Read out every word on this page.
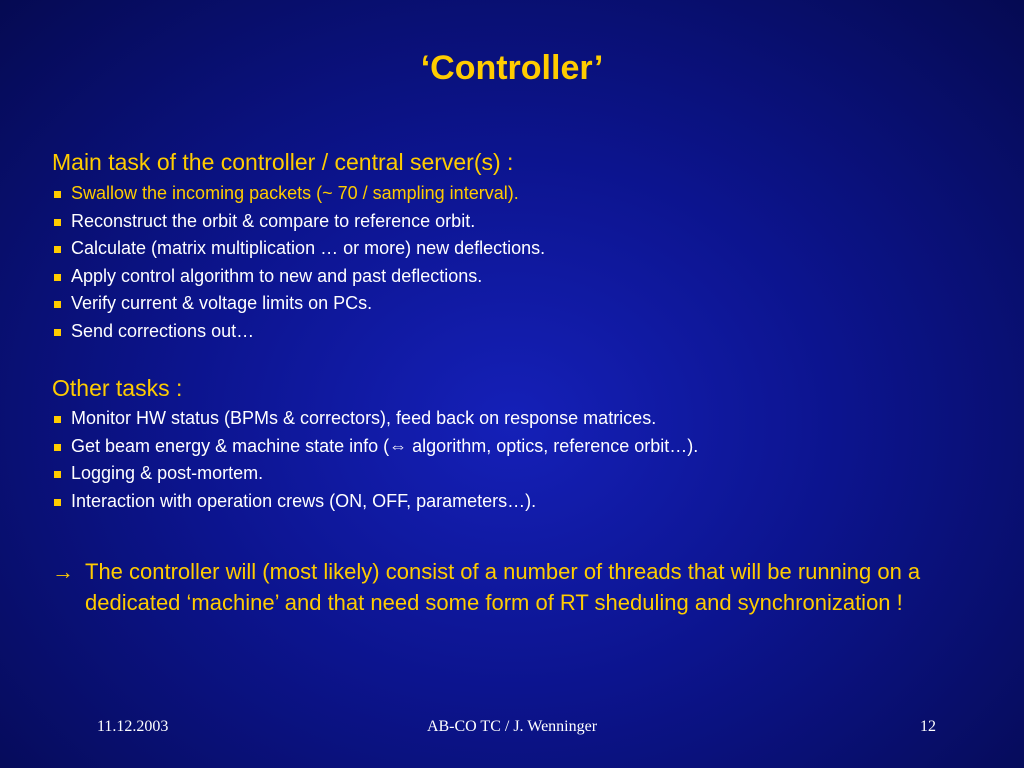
‘Controller’
Main task of the controller / central server(s) :
Swallow the incoming packets (~ 70 / sampling interval).
Reconstruct the orbit & compare to reference orbit.
Calculate (matrix multiplication … or more) new deflections.
Apply control algorithm to new and past deflections.
Verify current & voltage limits on PCs.
Send corrections out…
Other tasks :
Monitor HW status (BPMs & correctors), feed back on response matrices.
Get beam energy & machine state info (⇔ algorithm, optics, reference orbit…).
Logging & post-mortem.
Interaction with operation crews (ON, OFF, parameters…).
→ The controller will (most likely) consist of a number of threads that will be running on a dedicated ‘machine’ and that need some form of RT sheduling and synchronization !
11.12.2003	AB-CO TC / J. Wenninger	12
